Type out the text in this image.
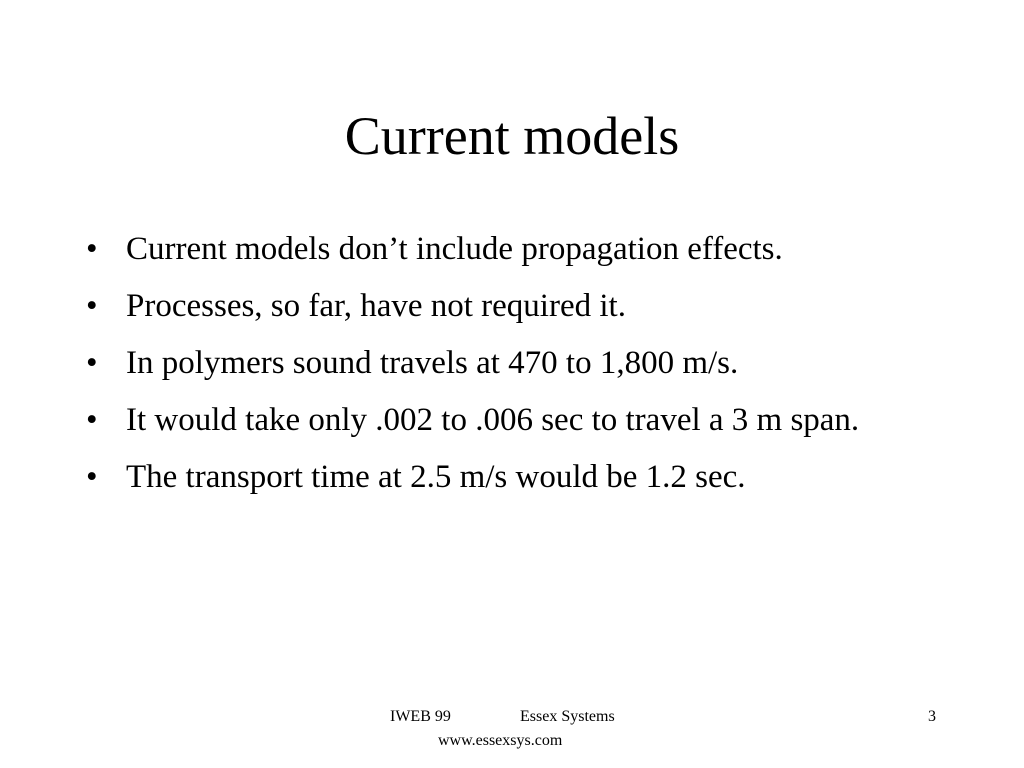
Current models
• Current models don’t include propagation effects.
• Processes, so far, have not required it.
• In polymers sound travels at 470 to 1,800 m/s.
• It would take only .002 to .006 sec to travel a 3 m span.
• The transport time at 2.5 m/s would be 1.2 sec.
IWEB 99	Essex Systems
www.essexsys.com
3
